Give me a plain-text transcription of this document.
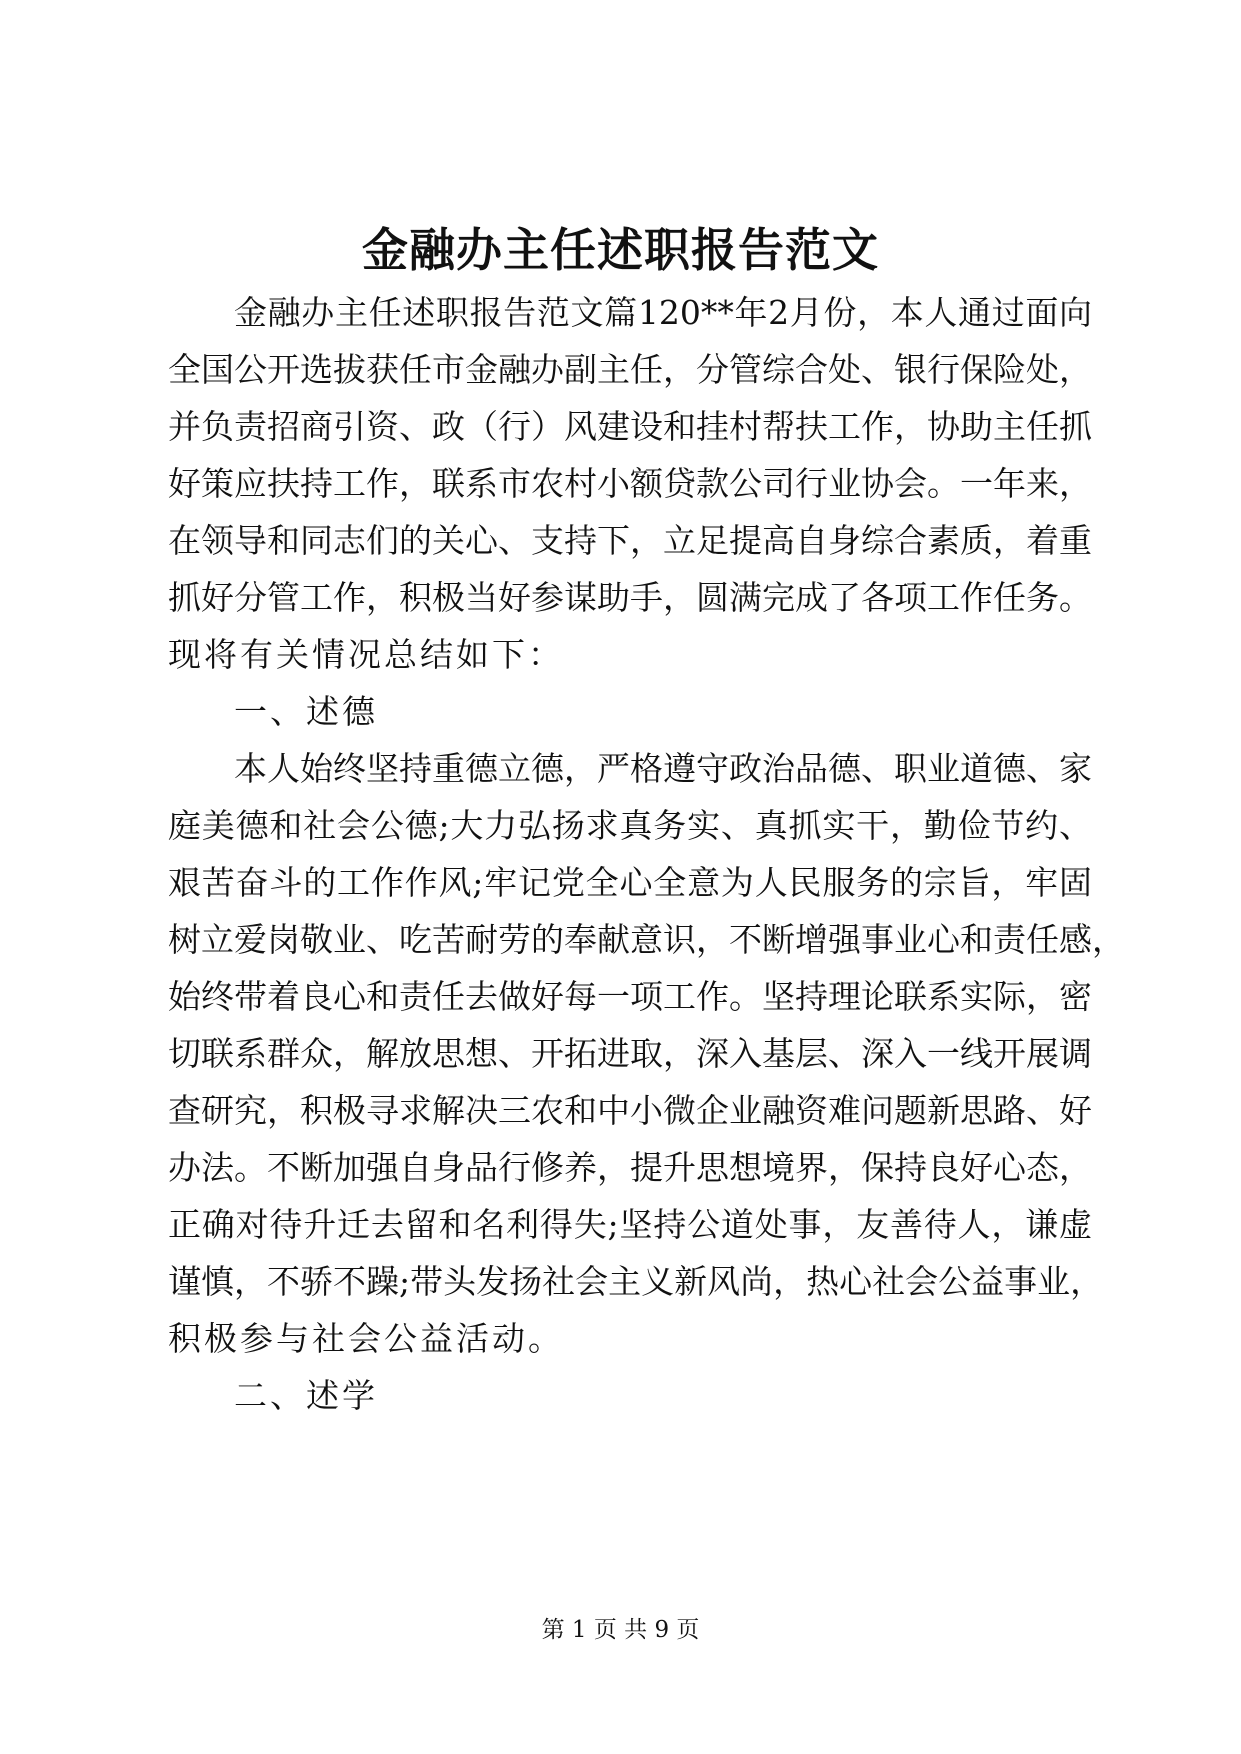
金融办主任述职报告范文
金融办主任述职报告范文篇120**年2月份，本人通过面向
全国公开选拔获任市金融办副主任，分管综合处、银行保险处，
并负责招商引资、政（行）风建设和挂村帮扶工作，协助主任抓
好策应扶持工作，联系市农村小额贷款公司行业协会。一年来，
在领导和同志们的关心、支持下，立足提高自身综合素质，着重
抓好分管工作，积极当好参谋助手，圆满完成了各项工作任务。
现将有关情况总结如下：
一、述德
本人始终坚持重德立德，严格遵守政治品德、职业道德、家
庭美德和社会公德;大力弘扬求真务实、真抓实干，勤俭节约、
艰苦奋斗的工作作风;牢记党全心全意为人民服务的宗旨，牢固
树立爱岗敬业、吃苦耐劳的奉献意识，不断增强事业心和责任感，
始终带着良心和责任去做好每一项工作。坚持理论联系实际，密
切联系群众，解放思想、开拓进取，深入基层、深入一线开展调
查研究，积极寻求解决三农和中小微企业融资难问题新思路、好
办法。不断加强自身品行修养，提升思想境界，保持良好心态，
正确对待升迁去留和名利得失;坚持公道处事，友善待人，谦虚
谨慎，不骄不躁;带头发扬社会主义新风尚，热心社会公益事业，
积极参与社会公益活动。
二、述学
第 1 页 共 9 页
